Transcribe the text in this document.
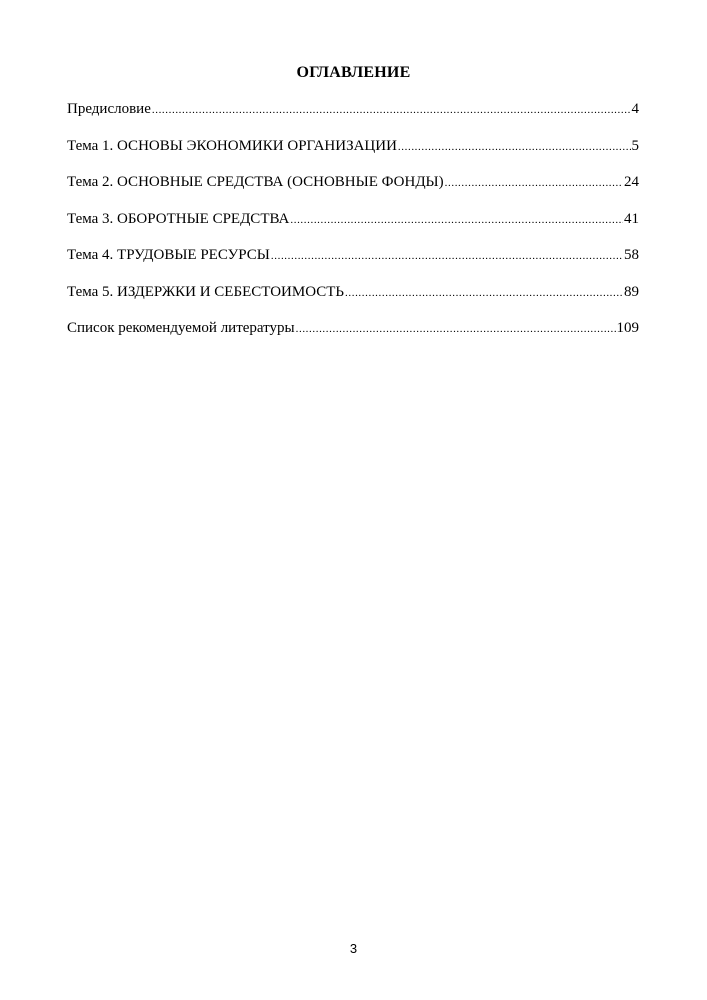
ОГЛАВЛЕНИЕ
Предисловие .....	4
Тема 1. ОСНОВЫ ЭКОНОМИКИ ОРГАНИЗАЦИИ .....	5
Тема 2. ОСНОВНЫЕ СРЕДСТВА (ОСНОВНЫЕ ФОНДЫ) .....	24
Тема 3. ОБОРОТНЫЕ СРЕДСТВА .....	41
Тема 4. ТРУДОВЫЕ РЕСУРСЫ .....	58
Тема 5. ИЗДЕРЖКИ И СЕБЕСТОИМОСТЬ .....	89
Список рекомендуемой литературы .....	109
3
